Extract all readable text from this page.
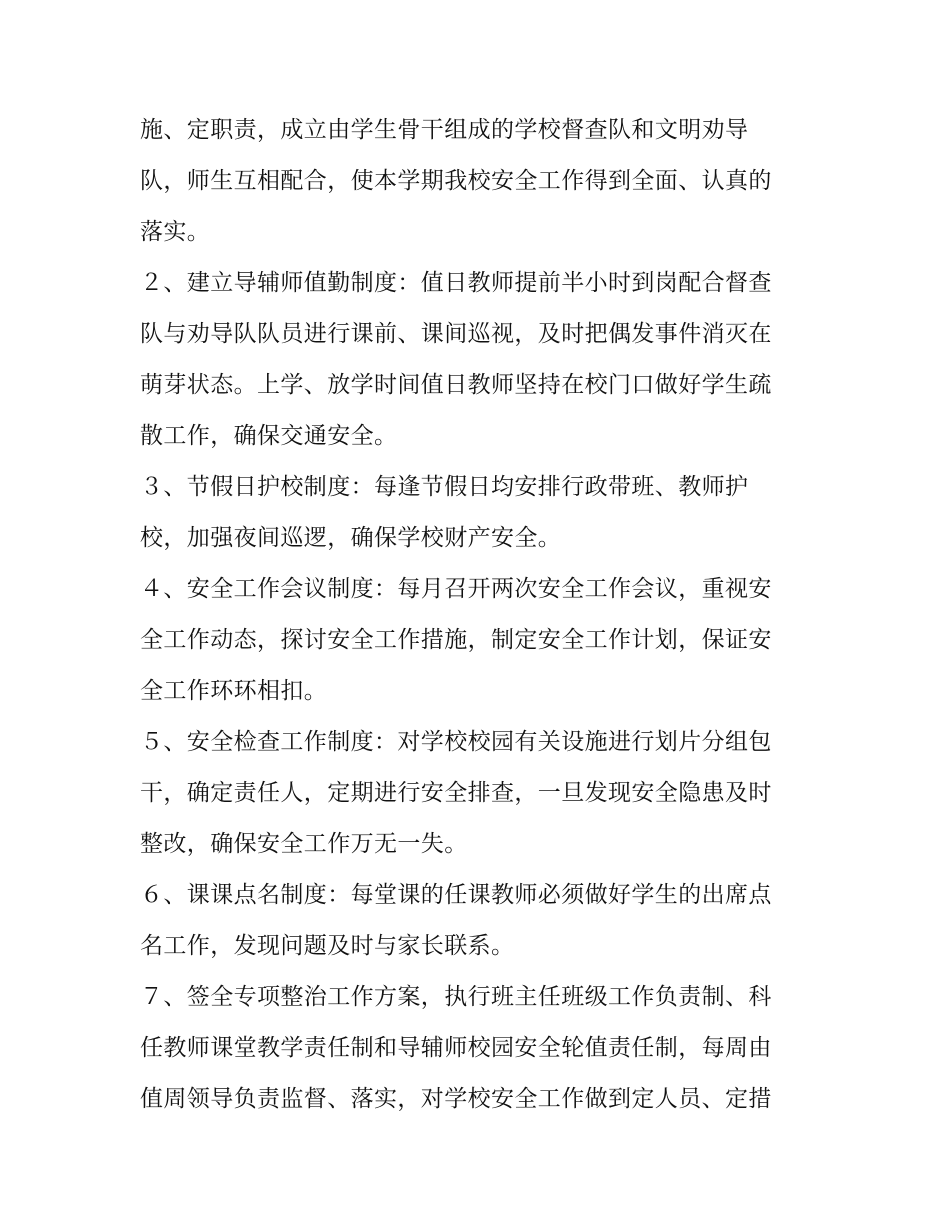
施、定职责，成立由学生骨干组成的学校督查队和文明劝导
队，师生互相配合，使本学期我校安全工作得到全面、认真的
落实。
２、建立导辅师值勤制度：值日教师提前半小时到岗配合督查
队与劝导队队员进行课前、课间巡视，及时把偶发事件消灭在
萌芽状态。上学、放学时间值日教师坚持在校门口做好学生疏
散工作，确保交通安全。
３、节假日护校制度：每逢节假日均安排行政带班、教师护
校，加强夜间巡逻，确保学校财产安全。
４、安全工作会议制度：每月召开两次安全工作会议，重视安
全工作动态，探讨安全工作措施，制定安全工作计划，保证安
全工作环环相扣。
５、安全检查工作制度：对学校校园有关设施进行划片分组包
干，确定责任人，定期进行安全排查，一旦发现安全隐患及时
整改，确保安全工作万无一失。
６、课课点名制度：每堂课的任课教师必须做好学生的出席点
名工作，发现问题及时与家长联系。
７、签全专项整治工作方案，执行班主任班级工作负责制、科
任教师课堂教学责任制和导辅师校园安全轮值责任制，每周由
值周领导负责监督、落实，对学校安全工作做到定人员、定措
